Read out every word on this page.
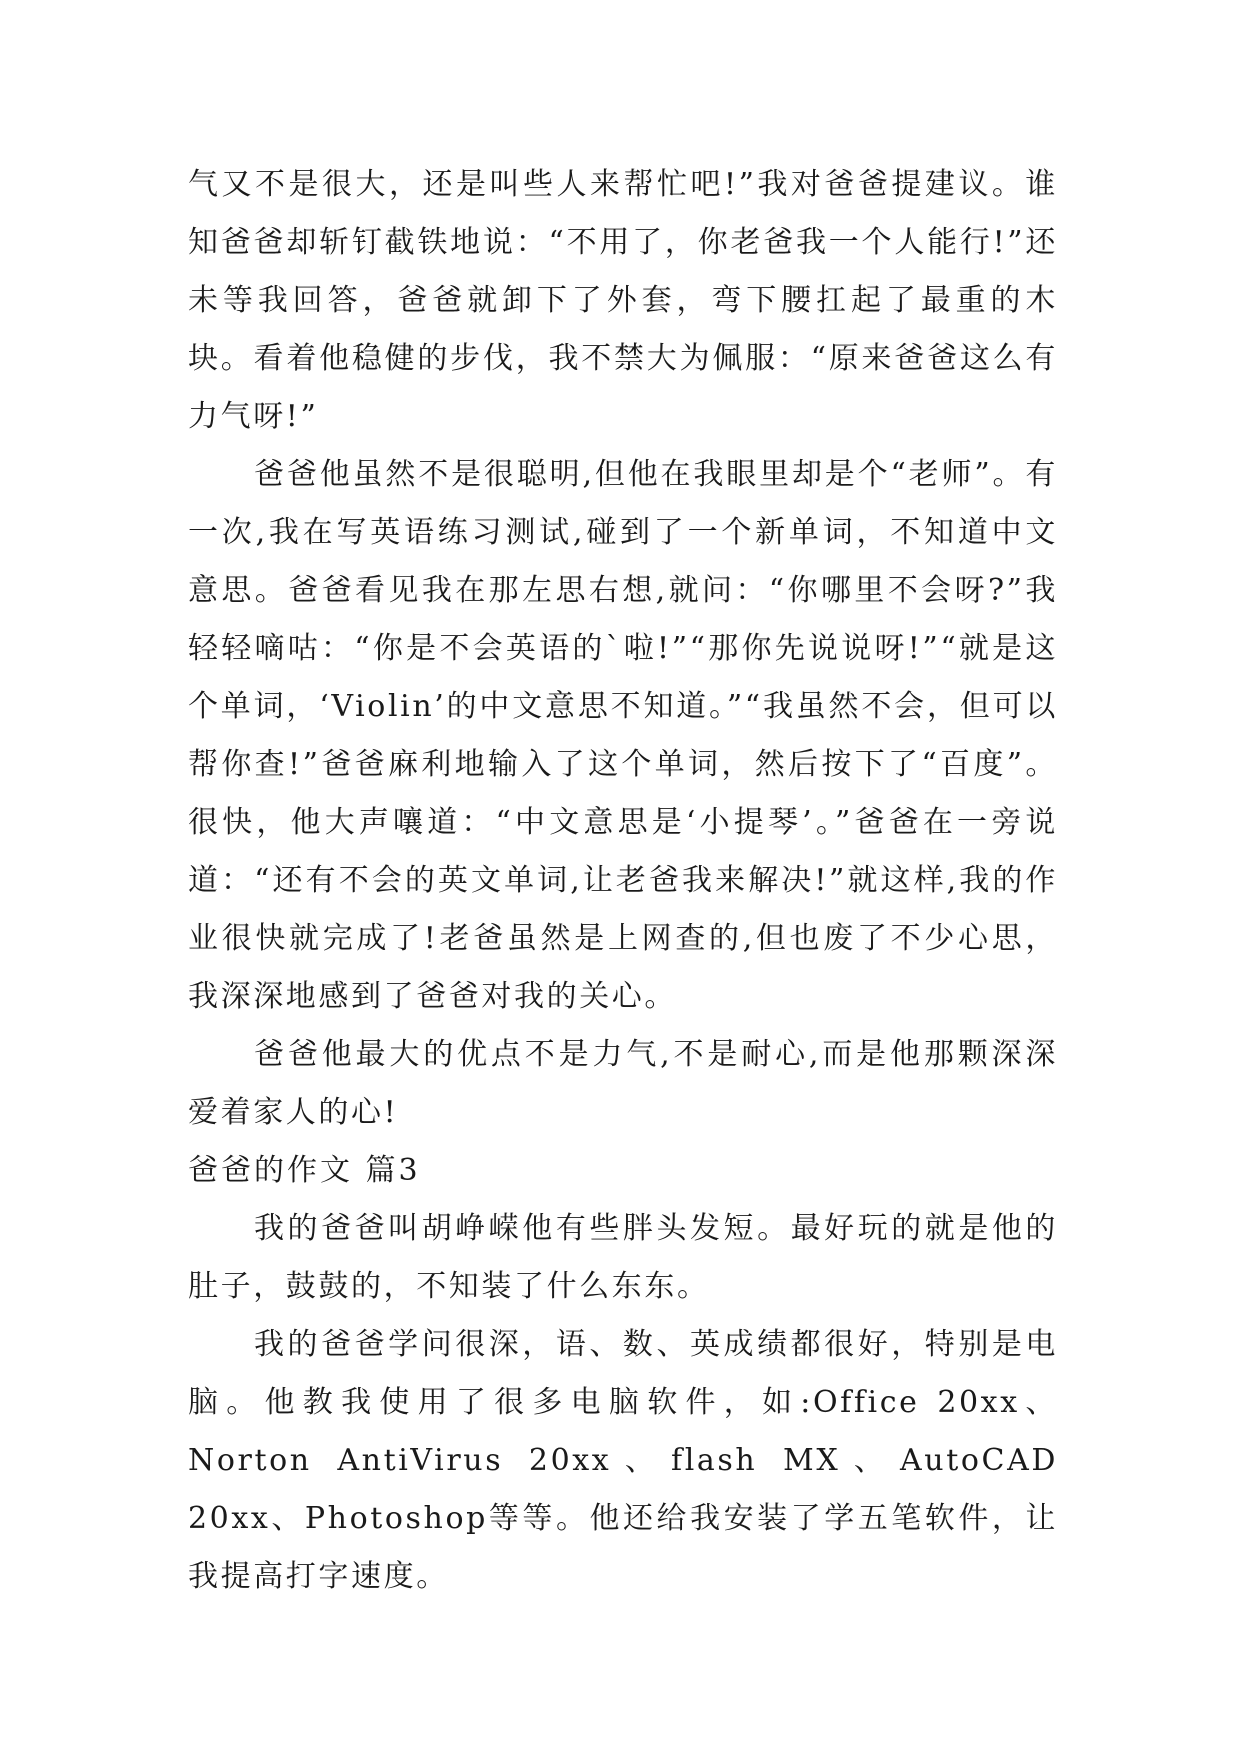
气又不是很大，还是叫些人来帮忙吧!”我对爸爸提建议。谁知爸爸却斩钉截铁地说：“不用了，你老爸我一个人能行!”还未等我回答，爸爸就卸下了外套，弯下腰扛起了最重的木块。看着他稳健的步伐，我不禁大为佩服：“原来爸爸这么有力气呀!”

爸爸他虽然不是很聪明,但他在我眼里却是个“老师”。有一次,我在写英语练习测试,碰到了一个新单词，不知道中文意思。爸爸看见我在那左思右想,就问：“你哪里不会呀?”我轻轻嘀咕：“你是不会英语的`啦!”“那你先说说呀!”“就是这个单词，‘Violin’的中文意思不知道。”“我虽然不会，但可以帮你查!”爸爸麻利地输入了这个单词，然后按下了“百度”。很快，他大声嚷道：“中文意思是‘小提琴’。”爸爸在一旁说道：“还有不会的英文单词,让老爸我来解决!”就这样,我的作业很快就完成了!老爸虽然是上网查的,但也废了不少心思，我深深地感到了爸爸对我的关心。

爸爸他最大的优点不是力气,不是耐心,而是他那颗深深爱着家人的心!

爸爸的作文 篇3

我的爸爸叫胡峥嵘他有些胖头发短。最好玩的就是他的肚子，鼓鼓的，不知装了什么东东。

我的爸爸学问很深，语、数、英成绩都很好，特别是电脑。他教我使用了很多电脑软件，如:Office 20xx、Norton AntiVirus 20xx、flash MX、AutoCAD 20xx、Photoshop等等。他还给我安装了学五笔软件，让我提高打字速度。
